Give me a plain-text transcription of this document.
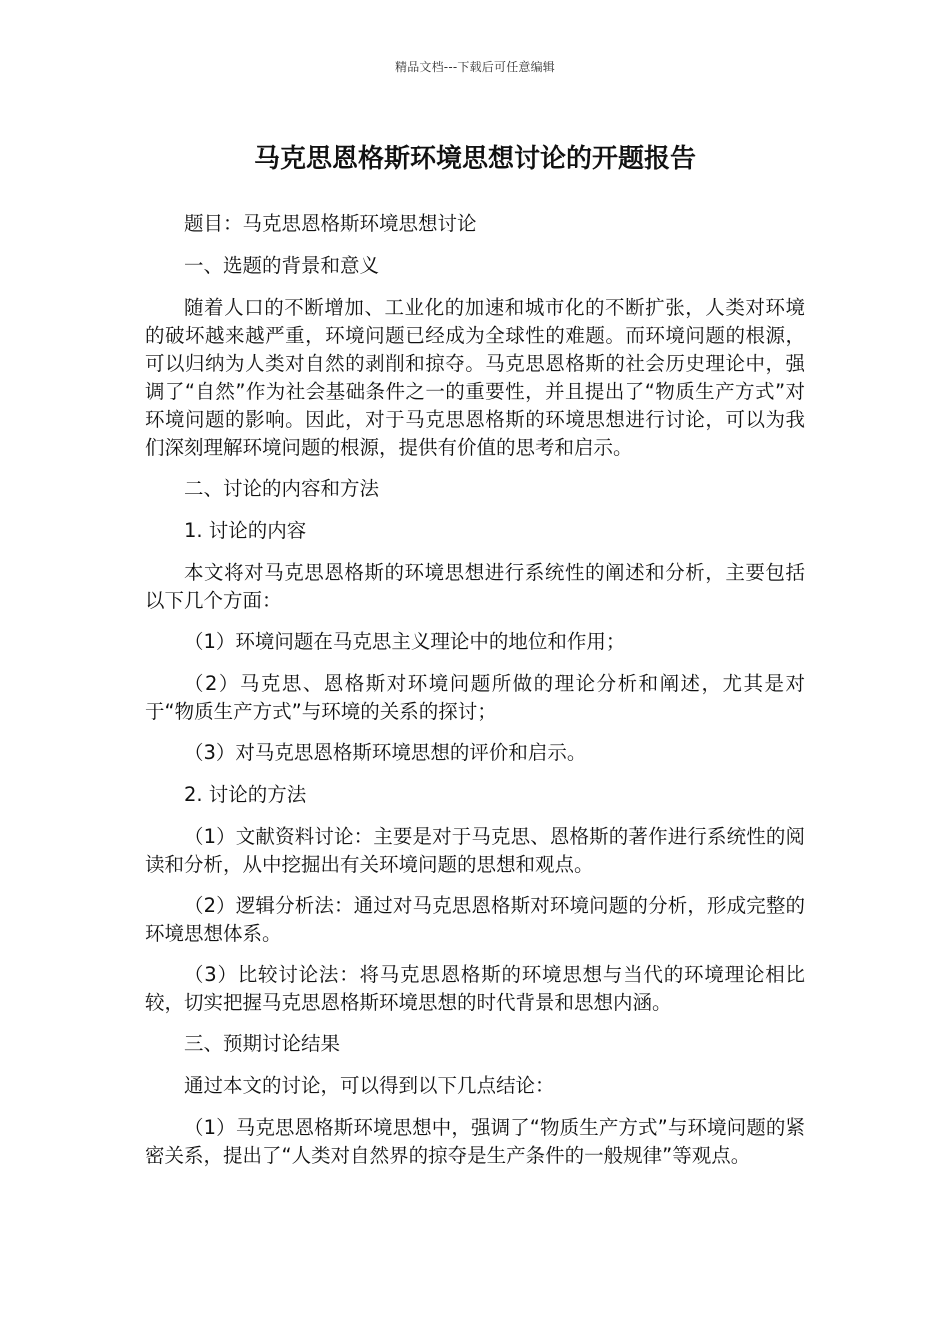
精品文档---下载后可任意编辑
马克思恩格斯环境思想讨论的开题报告

题目：马克思恩格斯环境思想讨论

一、选题的背景和意义

随着人口的不断增加、工业化的加速和城市化的不断扩张，人类对环境的破坏越来越严重，环境问题已经成为全球性的难题。而环境问题的根源，可以归纳为人类对自然的剥削和掠夺。马克思恩格斯的社会历史理论中，强调了“自然”作为社会基础条件之一的重要性，并且提出了“物质生产方式”对环境问题的影响。因此，对于马克思恩格斯的环境思想进行讨论，可以为我们深刻理解环境问题的根源，提供有价值的思考和启示。

二、讨论的内容和方法

1. 讨论的内容

本文将对马克思恩格斯的环境思想进行系统性的阐述和分析，主要包括以下几个方面：

（1）环境问题在马克思主义理论中的地位和作用；

（2）马克思、恩格斯对环境问题所做的理论分析和阐述，尤其是对于“物质生产方式”与环境的关系的探讨；

（3）对马克思恩格斯环境思想的评价和启示。

2. 讨论的方法

（1）文献资料讨论：主要是对于马克思、恩格斯的著作进行系统性的阅读和分析，从中挖掘出有关环境问题的思想和观点。

（2）逻辑分析法：通过对马克思恩格斯对环境问题的分析，形成完整的环境思想体系。

（3）比较讨论法：将马克思恩格斯的环境思想与当代的环境理论相比较，切实把握马克思恩格斯环境思想的时代背景和思想内涵。

三、预期讨论结果

通过本文的讨论，可以得到以下几点结论：

（1）马克思恩格斯环境思想中，强调了“物质生产方式”与环境问题的紧密关系，提出了“人类对自然界的掠夺是生产条件的一般规律”等观点。
